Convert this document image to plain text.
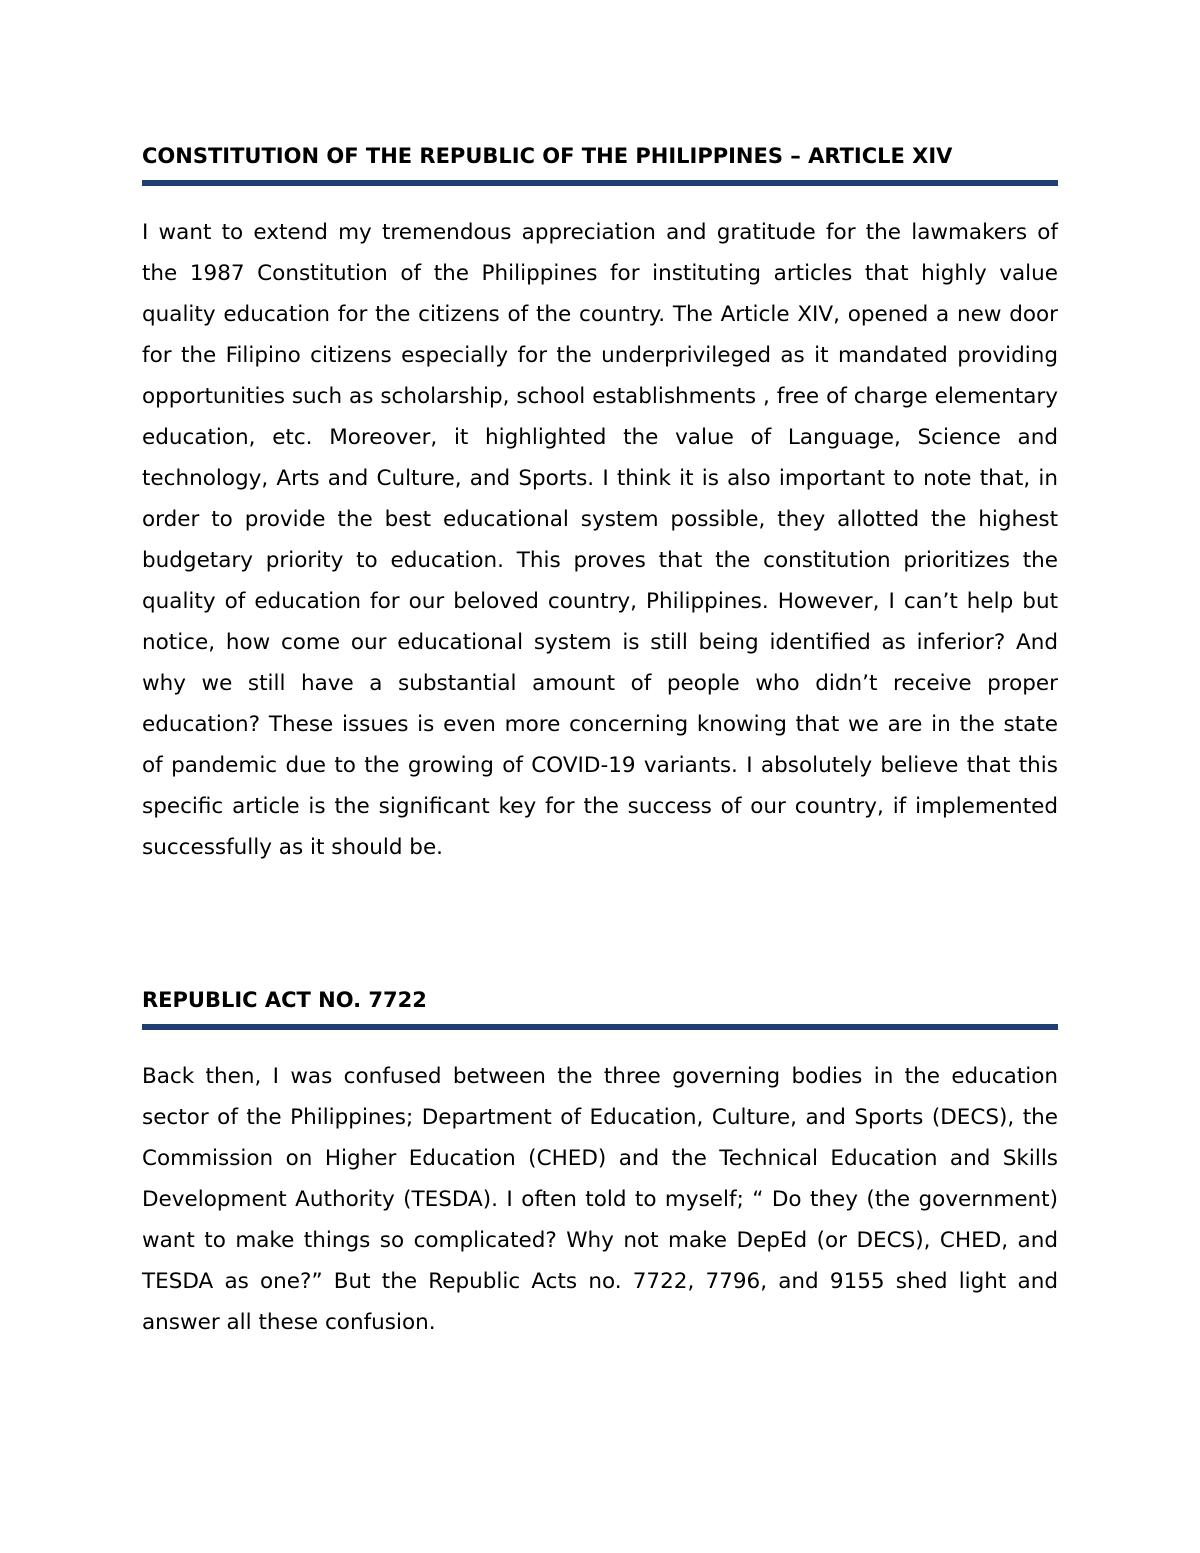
CONSTITUTION OF THE REPUBLIC OF THE PHILIPPINES – ARTICLE XIV

I want to extend my tremendous appreciation and gratitude for the lawmakers of the 1987 Constitution of the Philippines for instituting articles that highly value quality education for the citizens of the country. The Article XIV, opened a new door for the Filipino citizens especially for the underprivileged as it mandated providing opportunities such as scholarship, school establishments , free of charge elementary education, etc. Moreover, it highlighted the value of Language, Science and technology, Arts and Culture, and Sports. I think it is also important to note that, in order to provide the best educational system possible, they allotted the highest budgetary priority to education. This proves that the constitution prioritizes the quality of education for our beloved country, Philippines. However, I can’t help but notice, how come our educational system is still being identified as inferior? And why we still have a substantial amount of people who didn’t receive proper education? These issues is even more concerning knowing that we are in the state of pandemic due to the growing of COVID-19 variants. I absolutely believe that this specific article is the significant key for the success of our country, if implemented successfully as it should be.

REPUBLIC ACT NO. 7722

Back then, I was confused between the three governing bodies in the education sector of the Philippines; Department of Education, Culture, and Sports (DECS), the Commission on Higher Education (CHED) and the Technical Education and Skills Development Authority (TESDA). I often told to myself; “ Do they (the government) want to make things so complicated? Why not make DepEd (or DECS), CHED, and TESDA as one?” But the Republic Acts no. 7722, 7796, and 9155 shed light and answer all these confusion.
